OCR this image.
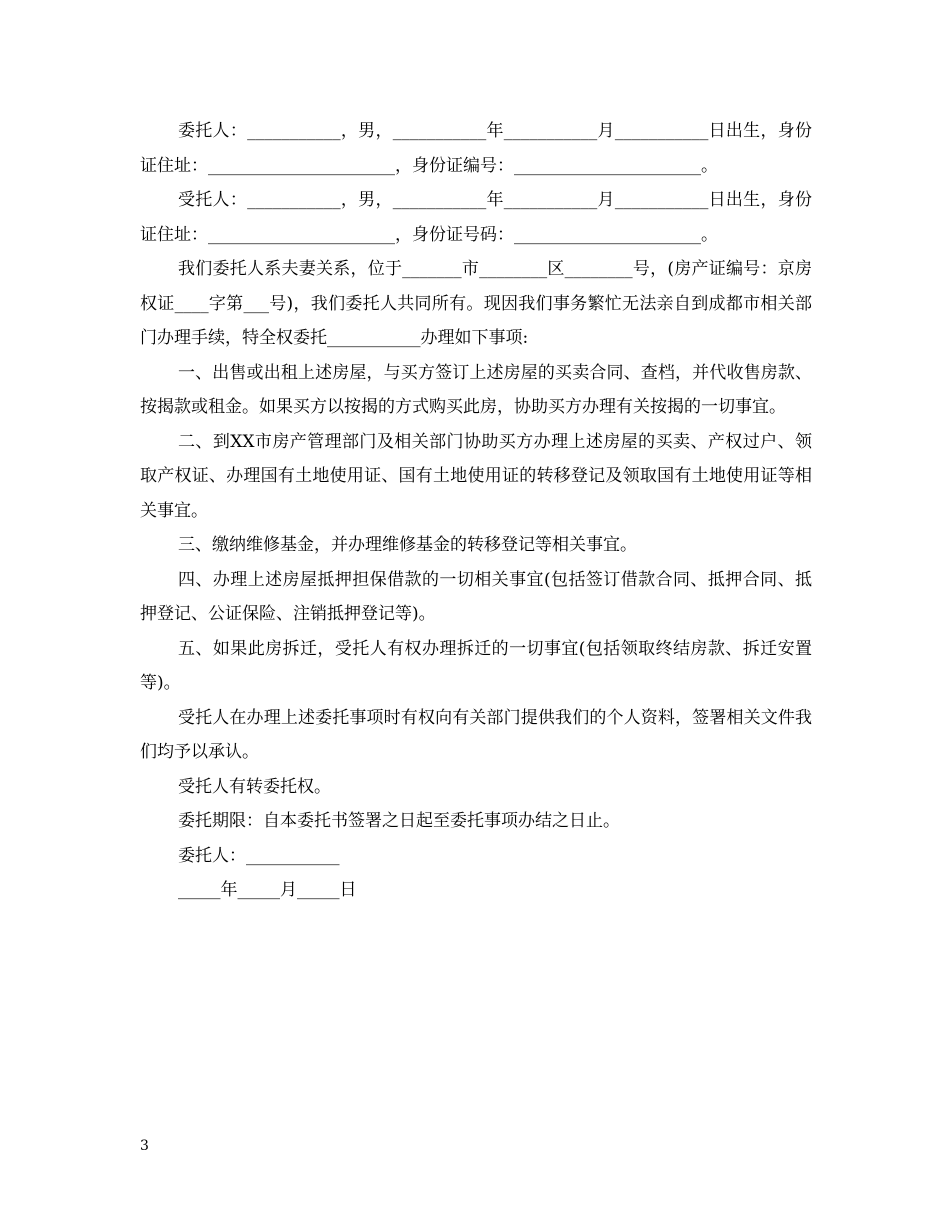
委托人：___________，男，___________年___________月___________日出生，身份证住址：______________________，身份证编号：______________________。

受托人：___________，男，___________年___________月___________日出生，身份证住址：______________________，身份证号码：______________________。

我们委托人系夫妻关系，位于_______市________区________号，(房产证编号：京房权证____字第___号)，我们委托人共同所有。现因我们事务繁忙无法亲自到成都市相关部门办理手续，特全权委托___________办理如下事项:

一、出售或出租上述房屋，与买方签订上述房屋的买卖合同、查档，并代收售房款、按揭款或租金。如果买方以按揭的方式购买此房，协助买方办理有关按揭的一切事宜。

二、到XX市房产管理部门及相关部门协助买方办理上述房屋的买卖、产权过户、领取产权证、办理国有土地使用证、国有土地使用证的转移登记及领取国有土地使用证等相关事宜。

三、缴纳维修基金，并办理维修基金的转移登记等相关事宜。

四、办理上述房屋抵押担保借款的一切相关事宜(包括签订借款合同、抵押合同、抵押登记、公证保险、注销抵押登记等)。

五、如果此房拆迁，受托人有权办理拆迁的一切事宜(包括领取终结房款、拆迁安置等)。

受托人在办理上述委托事项时有权向有关部门提供我们的个人资料，签署相关文件我们均予以承认。

受托人有转委托权。

委托期限：自本委托书签署之日起至委托事项办结之日止。

委托人：___________

_____年_____月_____日

3
